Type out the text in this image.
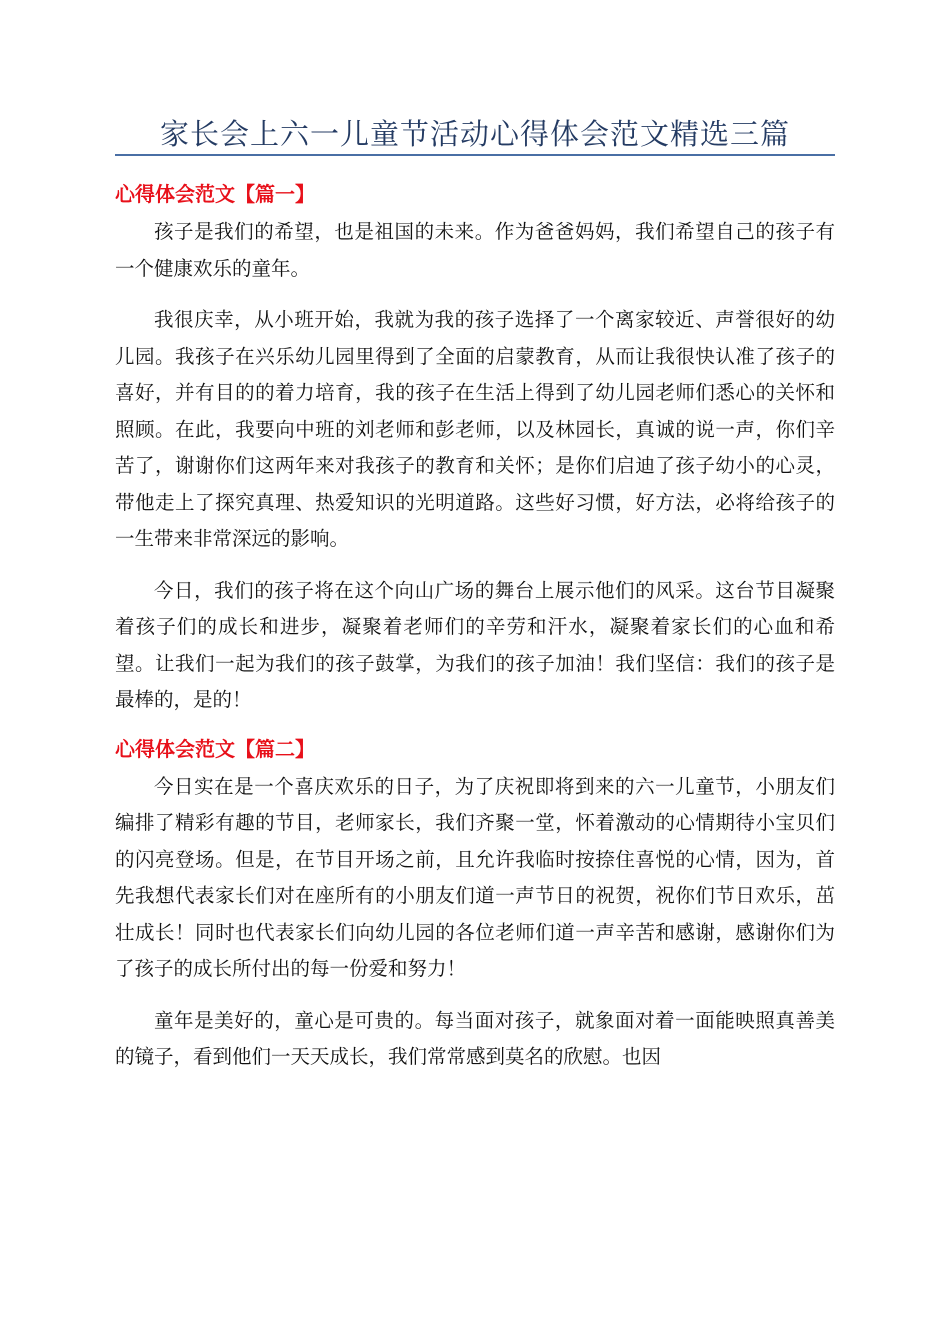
家长会上六一儿童节活动心得体会范文精选三篇
心得体会范文【篇一】

孩子是我们的希望，也是祖国的未来。作为爸爸妈妈，我们希望自己的孩子有一个健康欢乐的童年。

我很庆幸，从小班开始，我就为我的孩子选择了一个离家较近、声誉很好的幼儿园。我孩子在兴乐幼儿园里得到了全面的启蒙教育，从而让我很快认准了孩子的喜好，并有目的的着力培育，我的孩子在生活上得到了幼儿园老师们悉心的关怀和照顾。在此，我要向中班的刘老师和彭老师，以及林园长，真诚的说一声，你们辛苦了，谢谢你们这两年来对我孩子的教育和关怀；是你们启迪了孩子幼小的心灵，带他走上了探究真理、热爱知识的光明道路。这些好习惯，好方法，必将给孩子的一生带来非常深远的影响。

今日，我们的孩子将在这个向山广场的舞台上展示他们的风采。这台节目凝聚着孩子们的成长和进步，凝聚着老师们的辛劳和汗水，凝聚着家长们的心血和希望。让我们一起为我们的孩子鼓掌，为我们的孩子加油！我们坚信：我们的孩子是最棒的，是的！

心得体会范文【篇二】

今日实在是一个喜庆欢乐的日子，为了庆祝即将到来的六一儿童节，小朋友们编排了精彩有趣的节目，老师家长，我们齐聚一堂，怀着激动的心情期待小宝贝们的闪亮登场。但是，在节目开场之前，且允许我临时按捺住喜悦的心情，因为，首先我想代表家长们对在座所有的小朋友们道一声节日的祝贺，祝你们节日欢乐，茁壮成长！同时也代表家长们向幼儿园的各位老师们道一声辛苦和感谢，感谢你们为了孩子的成长所付出的每一份爱和努力！

童年是美好的，童心是可贵的。每当面对孩子，就象面对着一面能映照真善美的镜子，看到他们一天天成长，我们常常感到莫名的欣慰。也因
